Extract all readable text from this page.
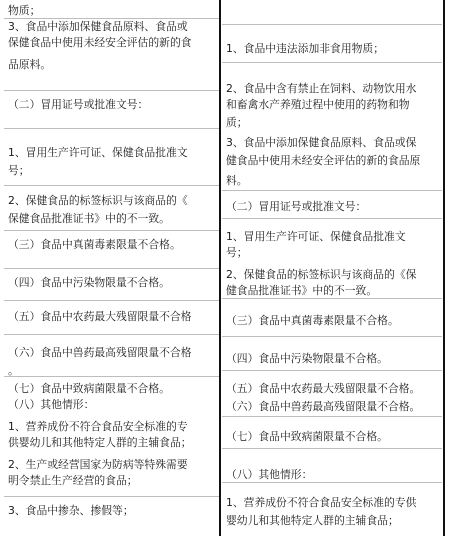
物质；
3、食品中添加保健食品原料、食品或
保健食品中使用未经安全评估的新的食
品原料。
（二）冒用证号或批准文号：
1、冒用生产许可证、保健食品批准文
号；
2、保健食品的标签标识与该商品的《
保健食品批准证书》中的不一致。
（三）食品中真菌毒素限量不合格。
（四）食品中污染物限量不合格。
（五）食品中农药最大残留限量不合格
（六）食品中兽药最高残留限量不合格
。
（七）食品中致病菌限量不合格。
（八）其他情形：
1、营养成份不符合食品安全标准的专
供婴幼儿和其他特定人群的主辅食品；
2、生产或经营国家为防病等特殊需要
明令禁止生产经营的食品；
3、食品中掺杂、掺假等；
1、食品中违法添加非食用物质；
2、食品中含有禁止在饲料、动物饮用水
和畜禽水产养殖过程中使用的药物和物
质；
3、食品中添加保健食品原料、食品或保
健食品中使用未经安全评估的新的食品原
料。
（二）冒用证号或批准文号：
1、冒用生产许可证、保健食品批准文
号；
2、保健食品的标签标识与该商品的《保
健食品批准证书》中的不一致。
（三）食品中真菌毒素限量不合格。
（四）食品中污染物限量不合格。
（五）食品中农药最大残留限量不合格。
（六）食品中兽药最高残留限量不合格。
（七）食品中致病菌限量不合格。
（八）其他情形：
1、营养成份不符合食品安全标准的专供
婴幼儿和其他特定人群的主辅食品；
